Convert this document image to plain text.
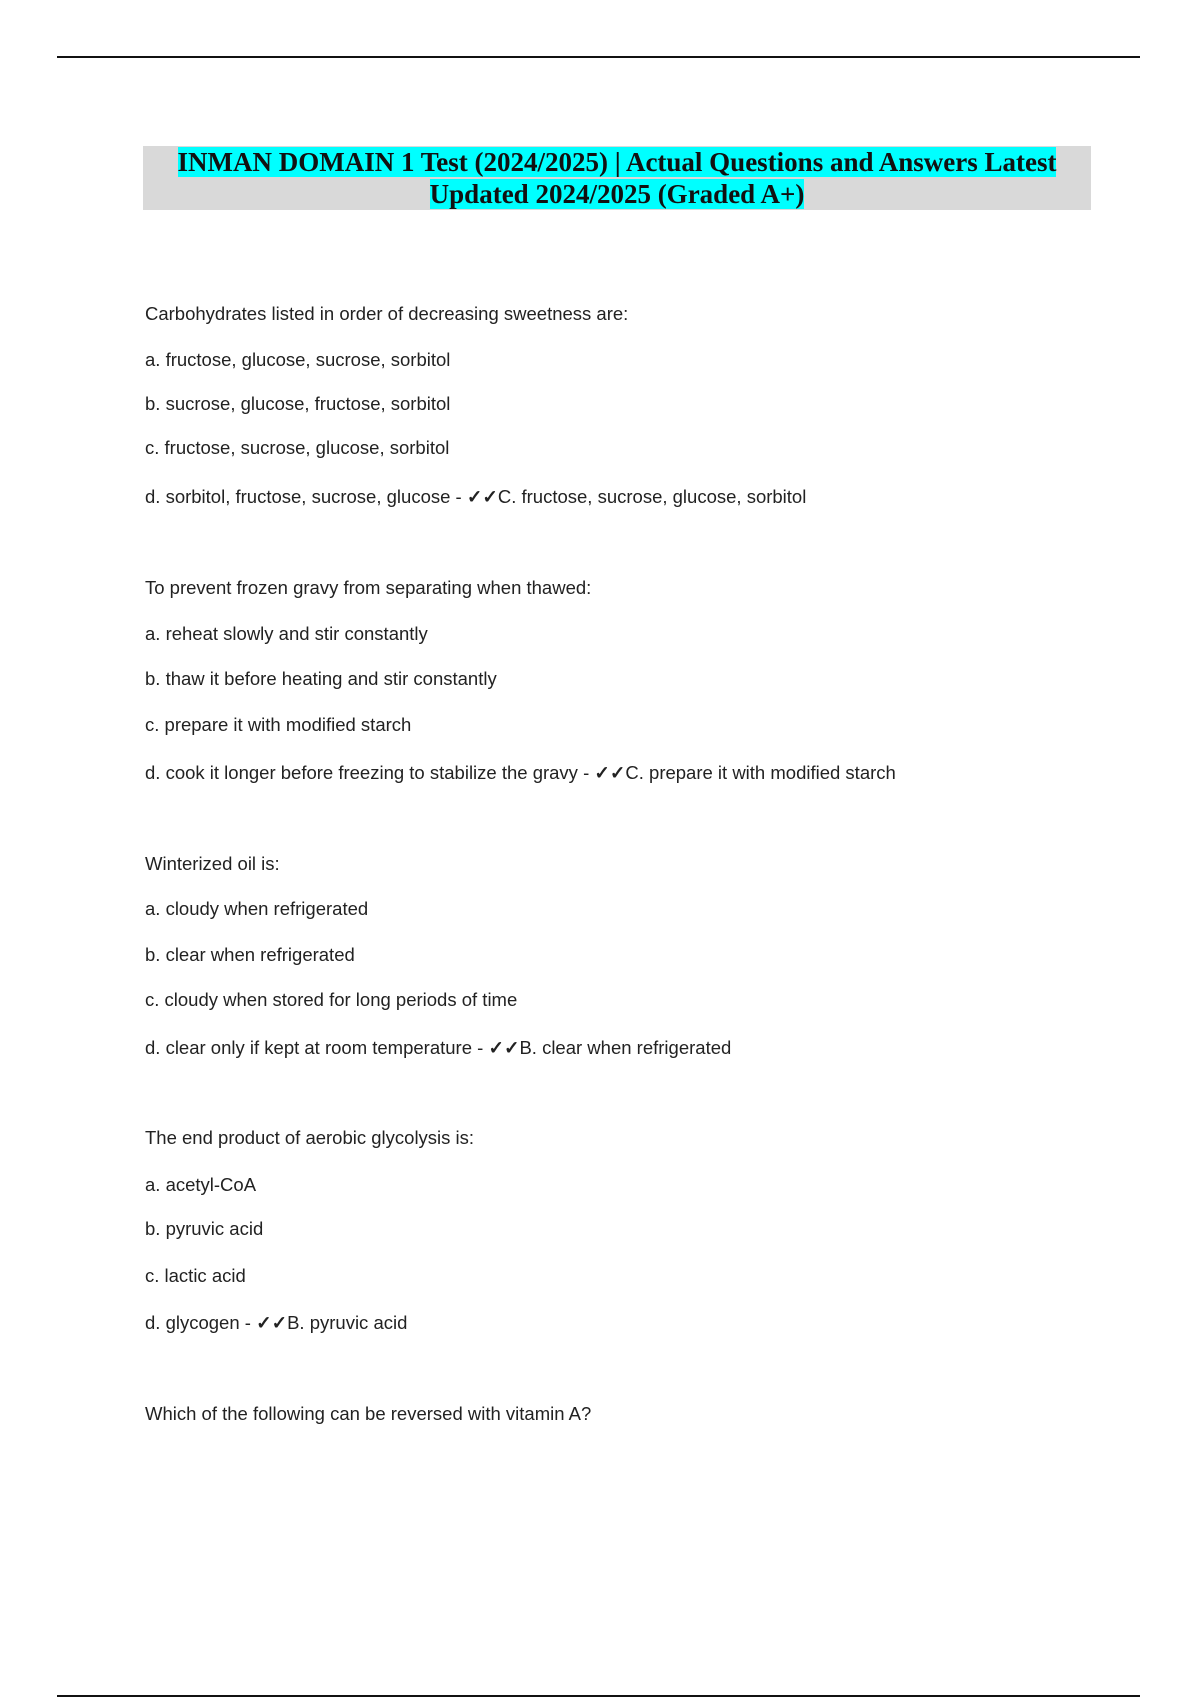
INMAN DOMAIN 1 Test (2024/2025) | Actual Questions and Answers Latest
Updated 2024/2025 (Graded A+)
Carbohydrates listed in order of decreasing sweetness are:
a. fructose, glucose, sucrose, sorbitol
b. sucrose, glucose, fructose, sorbitol
c. fructose, sucrose, glucose, sorbitol
d. sorbitol, fructose, sucrose, glucose - ✓✓C. fructose, sucrose, glucose, sorbitol
To prevent frozen gravy from separating when thawed:
a. reheat slowly and stir constantly
b. thaw it before heating and stir constantly
c. prepare it with modified starch
d. cook it longer before freezing to stabilize the gravy - ✓✓C. prepare it with modified starch
Winterized oil is:
a. cloudy when refrigerated
b. clear when refrigerated
c. cloudy when stored for long periods of time
d. clear only if kept at room temperature - ✓✓B. clear when refrigerated
The end product of aerobic glycolysis is:
a. acetyl-CoA
b. pyruvic acid
c. lactic acid
d. glycogen - ✓✓B. pyruvic acid
Which of the following can be reversed with vitamin A?
